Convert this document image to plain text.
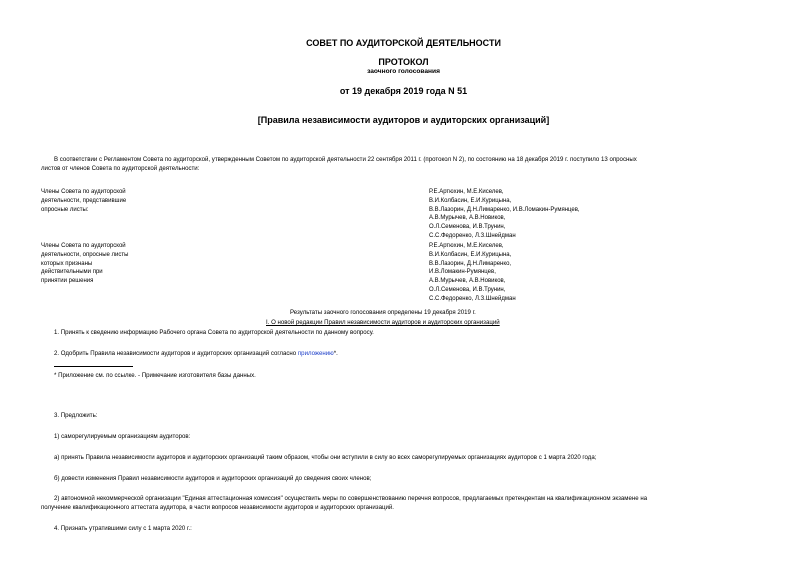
СОВЕТ ПО АУДИТОРСКОЙ ДЕЯТЕЛЬНОСТИ
ПРОТОКОЛ
заочного голосования
от 19 декабря 2019 года N 51
[Правила независимости аудиторов и аудиторских организаций]
В соответствии с Регламентом Совета по аудиторской, утвержденным Советом по аудиторской деятельности 22 сентября 2011 г. (протокол N 2), по состоянию на 18 декабря 2019 г. поступило 13 опросных
листов от членов Совета по аудиторской деятельности:
Члены Совета по аудиторской
деятельности, представившие
опросные листы:
Р.Е.Артюхин, М.Е.Киселев,
В.И.Колбасин, Е.И.Курицына,
В.В.Лазорин, Д.Н.Лимаренко, И.В.Ломакин-Румянцев,
А.В.Мурычев, А.В.Новиков,
О.Л.Семенова, И.В.Трунин,
С.С.Федоренко, Л.З.Шнейдман
Члены Совета по аудиторской
деятельности, опросные листы
которых признаны
действительными при
принятии решения
Р.Е.Артюхин, М.Е.Киселев,
В.И.Колбасин, Е.И.Курицына,
В.В.Лазорин, Д.Н.Лимаренко,
И.В.Ломакин-Румянцев,
А.В.Мурычев, А.В.Новиков,
О.Л.Семенова, И.В.Трунин,
С.С.Федоренко, Л.З.Шнейдман
Результаты заочного голосования определены 19 декабря 2019 г.
I. О новой редакции Правил независимости аудиторов и аудиторских организаций
1. Принять к сведению информацию Рабочего органа Совета по аудиторской деятельности по данному вопросу.
2. Одобрить Правила независимости аудиторов и аудиторских организаций согласно приложению*.
* Приложение см. по ссылке. - Примечание изготовителя базы данных.
3. Предложить:
1) саморегулируемым организациям аудиторов:
а) принять Правила независимости аудиторов и аудиторских организаций таким образом, чтобы они вступили в силу во всех саморегулируемых организациях аудиторов с 1 марта 2020 года;
б) довести изменения Правил независимости аудиторов и аудиторских организаций до сведения своих членов;
2) автономной некоммерческой организации "Единая аттестационная комиссия" осуществить меры по совершенствованию перечня вопросов, предлагаемых претендентам на квалификационном экзамене на
получение квалификационного аттестата аудитора, в части вопросов независимости аудиторов и аудиторских организаций.
4. Признать утратившими силу с 1 марта 2020 г.:
